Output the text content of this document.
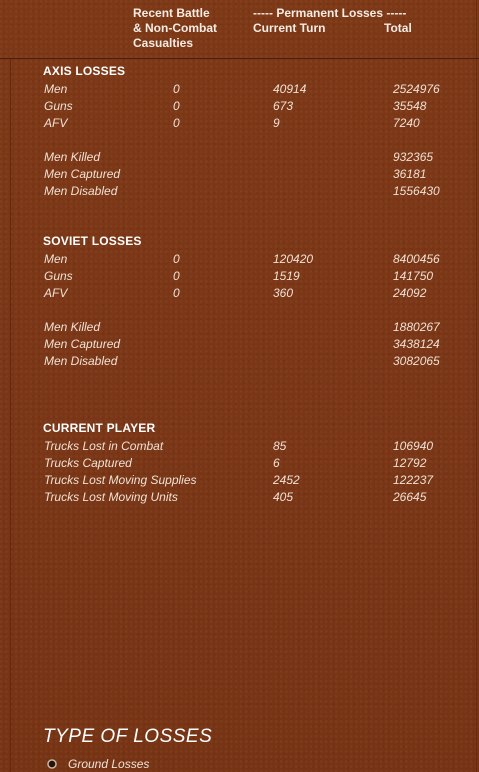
Recent Battle
& Non-Combat
Casualties
----- Permanent Losses -----
Current Turn	Total
AXIS LOSSES
Men	0	40914	2524976
Guns	0	673	35548
AFV	0	9	7240
Men Killed	932365
Men Captured	36181
Men Disabled	1556430
SOVIET LOSSES
Men	0	120420	8400456
Guns	0	1519	141750
AFV	0	360	24092
Men Killed	1880267
Men Captured	3438124
Men Disabled	3082065
CURRENT PLAYER
Trucks Lost in Combat	85	106940
Trucks Captured	6	12792
Trucks Lost Moving Supplies	2452	122237
Trucks Lost Moving Units	405	26645
TYPE OF LOSSES
Ground Losses
